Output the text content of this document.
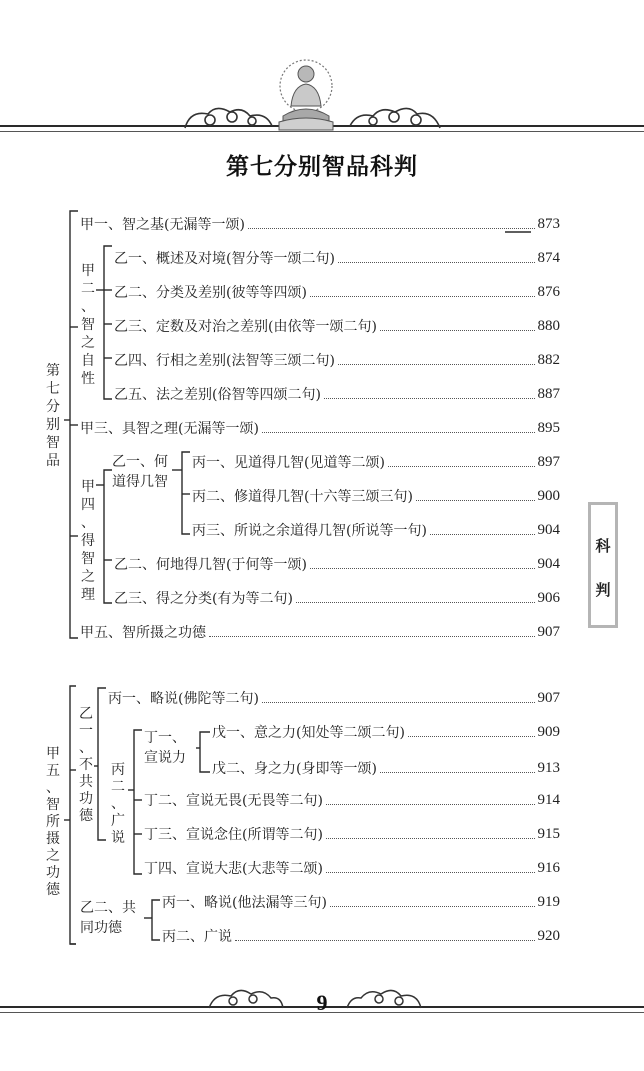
第七分别智品科判
第
七
分
别
智
品
甲
二
、
智
之
自
性
甲
四
、
得
智
之
理
乙一、何
道得几智
甲一、智之基(无漏等一颂)	873
乙一、概述及对境(智分等一颂二句)	874
乙二、分类及差别(彼等等四颂)	876
乙三、定数及对治之差别(由依等一颂二句)	880
乙四、行相之差别(法智等三颂二句)	882
乙五、法之差别(俗智等四颂二句)	887
甲三、具智之理(无漏等一颂)	895
丙一、见道得几智(见道等二颂)	897
丙二、修道得几智(十六等三颂三句)	900
丙三、所说之余道得几智(所说等一句)	904
乙二、何地得几智(于何等一颂)	904
乙三、得之分类(有为等二句)	906
甲五、智所摄之功德	907
科
判
甲
五
、
智
所
摄
之
功
德
乙
一
、
不
共
功
德
丙
二
、
广
说
丁一、
宣说力
乙二、共
同功德
丙一、略说(佛陀等二句)	907
戊一、意之力(知处等二颂二句)	909
戊二、身之力(身即等一颂)	913
丁二、宣说无畏(无畏等二句)	914
丁三、宣说念住(所谓等二句)	915
丁四、宣说大悲(大悲等二颂)	916
丙一、略说(他法漏等三句)	919
丙二、广说	920
9
